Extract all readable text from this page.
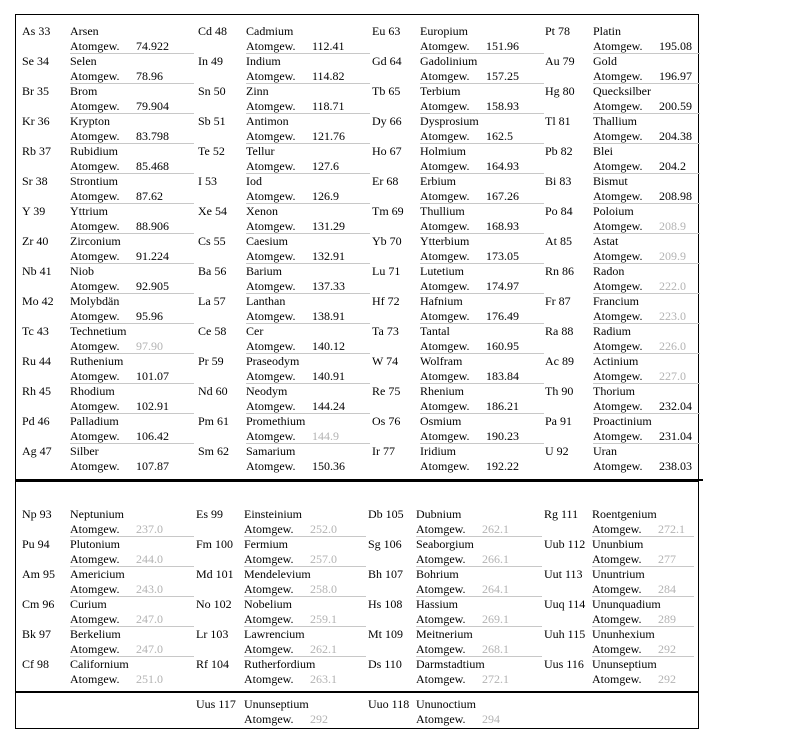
As 33 Arsen
Atomgew. 74.922
Se 34 Selen
Atomgew. 78.96
Br 35 Brom
Atomgew. 79.904
Kr 36 Krypton
Atomgew. 83.798
Rb 37 Rubidium
Atomgew. 85.468
Sr 38 Strontium
Atomgew. 87.62
Y 39 Yttrium
Atomgew. 88.906
Zr 40 Zirconium
Atomgew. 91.224
Nb 41 Niob
Atomgew. 92.905
Mo 42 Molybdän
Atomgew. 95.96
Tc 43 Technetium
Atomgew. 97.90
Ru 44 Ruthenium
Atomgew. 101.07
Rh 45 Rhodium
Atomgew. 102.91
Pd 46 Palladium
Atomgew. 106.42
Ag 47 Silber
Atomgew. 107.87
Cd 48 Cadmium
Atomgew. 112.41
In 49 Indium
Atomgew. 114.82
Sn 50 Zinn
Atomgew. 118.71
Sb 51 Antimon
Atomgew. 121.76
Te 52 Tellur
Atomgew. 127.6
I 53 Iod
Atomgew. 126.9
Xe 54 Xenon
Atomgew. 131.29
Cs 55 Caesium
Atomgew. 132.91
Ba 56 Barium
Atomgew. 137.33
La 57 Lanthan
Atomgew. 138.91
Ce 58 Cer
Atomgew. 140.12
Pr 59 Praseodym
Atomgew. 140.91
Nd 60 Neodym
Atomgew. 144.24
Pm 61 Promethium
Atomgew. 144.9
Sm 62 Samarium
Atomgew. 150.36
Eu 63 Europium
Atomgew. 151.96
Gd 64 Gadolinium
Atomgew. 157.25
Tb 65 Terbium
Atomgew. 158.93
Dy 66 Dysprosium
Atomgew. 162.5
Ho 67 Holmium
Atomgew. 164.93
Er 68 Erbium
Atomgew. 167.26
Tm 69 Thullium
Atomgew. 168.93
Yb 70 Ytterbium
Atomgew. 173.05
Lu 71 Lutetium
Atomgew. 174.97
Hf 72 Hafnium
Atomgew. 176.49
Ta 73 Tantal
Atomgew. 160.95
W 74 Wolfram
Atomgew. 183.84
Re 75 Rhenium
Atomgew. 186.21
Os 76 Osmium
Atomgew. 190.23
Ir 77 Iridium
Atomgew. 192.22
Pt 78 Platin
Atomgew. 195.08
Au 79 Gold
Atomgew. 196.97
Hg 80 Quecksilber
Atomgew. 200.59
Tl 81 Thallium
Atomgew. 204.38
Pb 82 Blei
Atomgew. 204.2
Bi 83 Bismut
Atomgew. 208.98
Po 84 Poloium
Atomgew. 208.9
At 85 Astat
Atomgew. 209.9
Rn 86 Radon
Atomgew. 222.0
Fr 87 Francium
Atomgew. 223.0
Ra 88 Radium
Atomgew. 226.0
Ac 89 Actinium
Atomgew. 227.0
Th 90 Thorium
Atomgew. 232.04
Pa 91 Proactinium
Atomgew. 231.04
U 92 Uran
Atomgew. 238.03
Np 93 Neptunium
Atomgew. 237.0
Pu 94 Plutonium
Atomgew. 244.0
Am 95 Americium
Atomgew. 243.0
Cm 96 Curium
Atomgew. 247.0
Bk 97 Berkelium
Atomgew. 247.0
Cf 98 Californium
Atomgew. 251.0
Es 99 Einsteinium
Atomgew. 252.0
Fm 100 Fermium
Atomgew. 257.0
Md 101 Mendelevium
Atomgew. 258.0
No 102 Nobelium
Atomgew. 259.1
Lr 103 Lawrencium
Atomgew. 262.1
Rf 104 Rutherfordium
Atomgew. 263.1
Uus 117 Ununseptium
Atomgew. 292
Db 105 Dubnium
Atomgew. 262.1
Sg 106 Seaborgium
Atomgew. 266.1
Bh 107 Bohrium
Atomgew. 264.1
Hs 108 Hassium
Atomgew. 269.1
Mt 109 Meitnerium
Atomgew. 268.1
Ds 110 Darmstadtium
Atomgew. 272.1
Uuo 118 Ununoctium
Atomgew. 294
Rg 111 Roentgenium
Atomgew. 272.1
Uub 112 Ununbium
Atomgew. 277
Uut 113 Ununtrium
Atomgew. 284
Uuq 114 Ununquadium
Atomgew. 289
Uuh 115 Ununhexium
Atomgew. 292
Uus 116 Ununseptium
Atomgew. 292
